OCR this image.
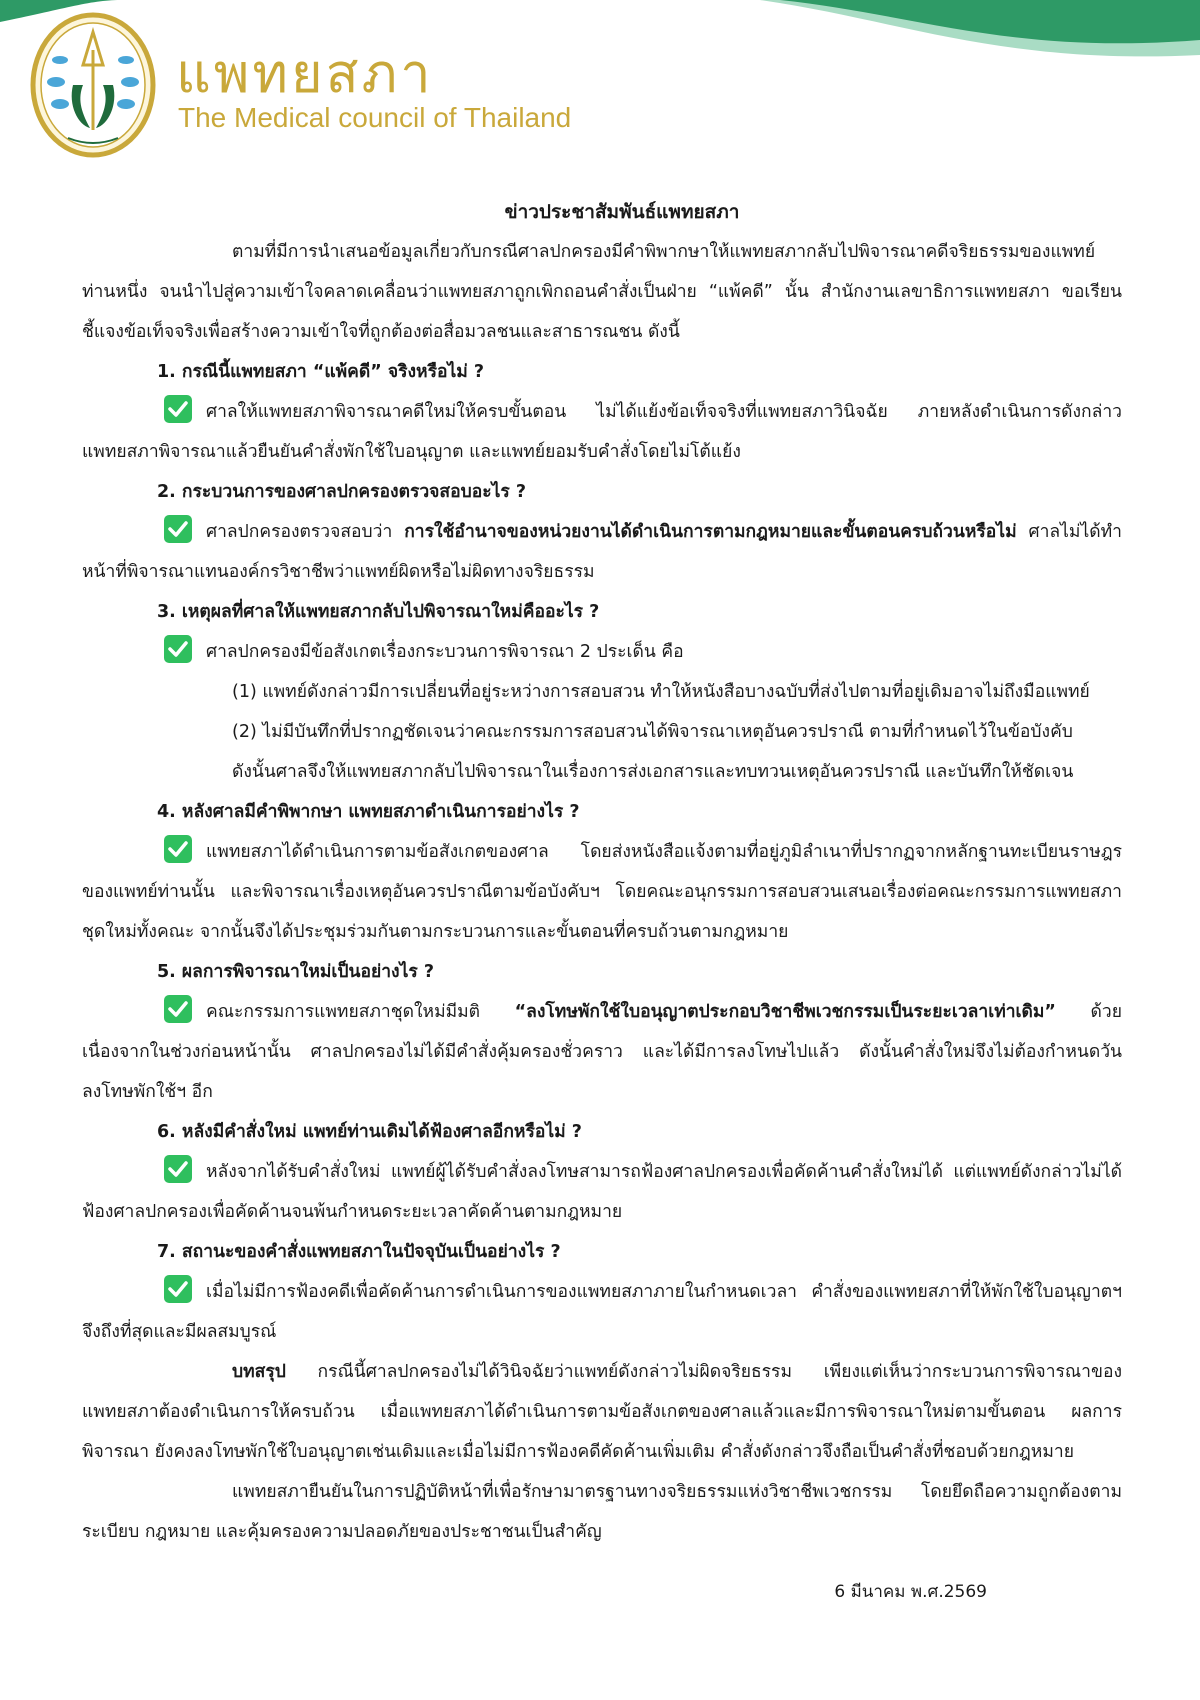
แพทยสภา
The Medical council of Thailand
ข่าวประชาสัมพันธ์แพทยสภา

ตามที่มีการนำเสนอข้อมูลเกี่ยวกับกรณีศาลปกครองมีคำพิพากษาให้แพทยสภากลับไปพิจารณาคดีจริยธรรมของแพทย์ท่านหนึ่ง จนนำไปสู่ความเข้าใจคลาดเคลื่อนว่าแพทยสภาถูกเพิกถอนคำสั่งเป็นฝ่าย “แพ้คดี” นั้น สำนักงานเลขาธิการแพทยสภา ขอเรียนชี้แจงข้อเท็จจริงเพื่อสร้างความเข้าใจที่ถูกต้องต่อสื่อมวลชนและสาธารณชน ดังนี้

1. กรณีนี้แพทยสภา “แพ้คดี” จริงหรือไม่ ?

ศาลให้แพทยสภาพิจารณาคดีใหม่ให้ครบขั้นตอน ไม่ได้แย้งข้อเท็จจริงที่แพทยสภาวินิจฉัย ภายหลังดำเนินการดังกล่าว แพทยสภาพิจารณาแล้วยืนยันคำสั่งพักใช้ใบอนุญาต และแพทย์ยอมรับคำสั่งโดยไม่โต้แย้ง

2. กระบวนการของศาลปกครองตรวจสอบอะไร ?

ศาลปกครองตรวจสอบว่า การใช้อำนาจของหน่วยงานได้ดำเนินการตามกฎหมายและขั้นตอนครบถ้วนหรือไม่ ศาลไม่ได้ทำหน้าที่พิจารณาแทนองค์กรวิชาชีพว่าแพทย์ผิดหรือไม่ผิดทางจริยธรรม

3. เหตุผลที่ศาลให้แพทยสภากลับไปพิจารณาใหม่คืออะไร ?

ศาลปกครองมีข้อสังเกตเรื่องกระบวนการพิจารณา 2 ประเด็น คือ

(1) แพทย์ดังกล่าวมีการเปลี่ยนที่อยู่ระหว่างการสอบสวน ทำให้หนังสือบางฉบับที่ส่งไปตามที่อยู่เดิมอาจไม่ถึงมือแพทย์
(2) ไม่มีบันทึกที่ปรากฏชัดเจนว่าคณะกรรมการสอบสวนได้พิจารณาเหตุอันควรปราณี ตามที่กำหนดไว้ในข้อบังคับ
ดังนั้นศาลจึงให้แพทยสภากลับไปพิจารณาในเรื่องการส่งเอกสารและทบทวนเหตุอันควรปราณี และบันทึกให้ชัดเจน
4. หลังศาลมีคำพิพากษา แพทยสภาดำเนินการอย่างไร ?

แพทยสภาได้ดำเนินการตามข้อสังเกตของศาล โดยส่งหนังสือแจ้งตามที่อยู่ภูมิลำเนาที่ปรากฏจากหลักฐานทะเบียนราษฎรของแพทย์ท่านนั้น และพิจารณาเรื่องเหตุอันควรปราณีตามข้อบังคับฯ โดยคณะอนุกรรมการสอบสวนเสนอเรื่องต่อคณะกรรมการแพทยสภาชุดใหม่ทั้งคณะ จากนั้นจึงได้ประชุมร่วมกันตามกระบวนการและขั้นตอนที่ครบถ้วนตามกฎหมาย

5. ผลการพิจารณาใหม่เป็นอย่างไร ?

คณะกรรมการแพทยสภาชุดใหม่มีมติ “ลงโทษพักใช้ใบอนุญาตประกอบวิชาชีพเวชกรรมเป็นระยะเวลาเท่าเดิม” ด้วยเนื่องจากในช่วงก่อนหน้านั้น ศาลปกครองไม่ได้มีคำสั่งคุ้มครองชั่วคราว และได้มีการลงโทษไปแล้ว ดังนั้นคำสั่งใหม่จึงไม่ต้องกำหนดวันลงโทษพักใช้ฯ อีก

6. หลังมีคำสั่งใหม่ แพทย์ท่านเดิมได้ฟ้องศาลอีกหรือไม่ ?

หลังจากได้รับคำสั่งใหม่ แพทย์ผู้ได้รับคำสั่งลงโทษสามารถฟ้องศาลปกครองเพื่อคัดค้านคำสั่งใหม่ได้ แต่แพทย์ดังกล่าวไม่ได้ฟ้องศาลปกครองเพื่อคัดค้านจนพ้นกำหนดระยะเวลาคัดค้านตามกฎหมาย

7. สถานะของคำสั่งแพทยสภาในปัจจุบันเป็นอย่างไร ?

เมื่อไม่มีการฟ้องคดีเพื่อคัดค้านการดำเนินการของแพทยสภาภายในกำหนดเวลา คำสั่งของแพทยสภาที่ให้พักใช้ใบอนุญาตฯ จึงถึงที่สุดและมีผลสมบูรณ์

บทสรุป กรณีนี้ศาลปกครองไม่ได้วินิจฉัยว่าแพทย์ดังกล่าวไม่ผิดจริยธรรม เพียงแต่เห็นว่ากระบวนการพิจารณาของแพทยสภาต้องดำเนินการให้ครบถ้วน เมื่อแพทยสภาได้ดำเนินการตามข้อสังเกตของศาลแล้วและมีการพิจารณาใหม่ตามขั้นตอน ผลการพิจารณา ยังคงลงโทษพักใช้ใบอนุญาตเช่นเดิมและเมื่อไม่มีการฟ้องคดีคัดค้านเพิ่มเติม คำสั่งดังกล่าวจึงถือเป็นคำสั่งที่ชอบด้วยกฎหมาย

แพทยสภายืนยันในการปฏิบัติหน้าที่เพื่อรักษามาตรฐานทางจริยธรรมแห่งวิชาชีพเวชกรรม โดยยึดถือความถูกต้องตามระเบียบ กฎหมาย และคุ้มครองความปลอดภัยของประชาชนเป็นสำคัญ

6 มีนาคม พ.ศ.2569
